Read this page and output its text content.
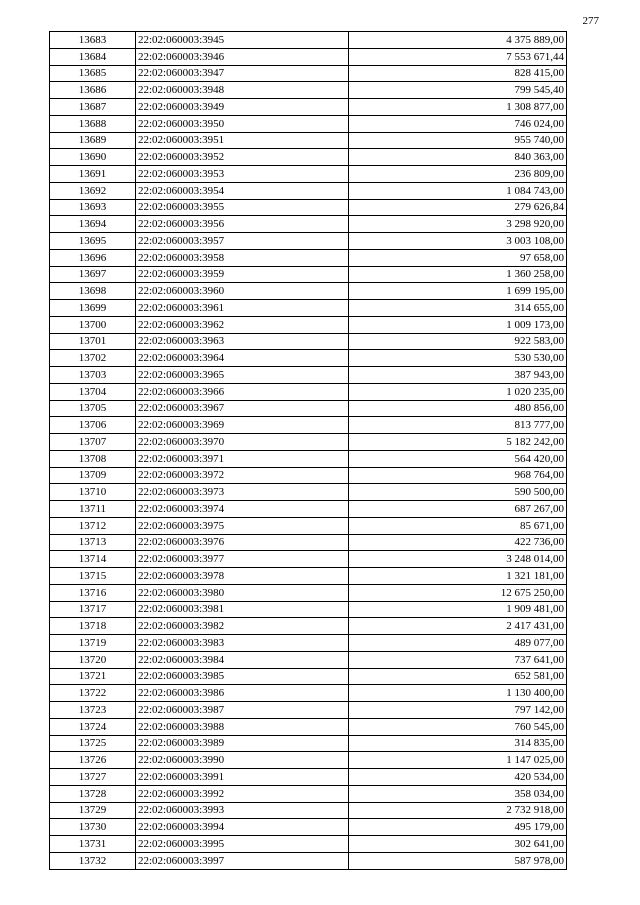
277
13683	22:02:060003:3945	4 375 889,00
13684	22:02:060003:3946	7 553 671,44
13685	22:02:060003:3947	828 415,00
13686	22:02:060003:3948	799 545,40
13687	22:02:060003:3949	1 308 877,00
13688	22:02:060003:3950	746 024,00
13689	22:02:060003:3951	955 740,00
13690	22:02:060003:3952	840 363,00
13691	22:02:060003:3953	236 809,00
13692	22:02:060003:3954	1 084 743,00
13693	22:02:060003:3955	279 626,84
13694	22:02:060003:3956	3 298 920,00
13695	22:02:060003:3957	3 003 108,00
13696	22:02:060003:3958	97 658,00
13697	22:02:060003:3959	1 360 258,00
13698	22:02:060003:3960	1 699 195,00
13699	22:02:060003:3961	314 655,00
13700	22:02:060003:3962	1 009 173,00
13701	22:02:060003:3963	922 583,00
13702	22:02:060003:3964	530 530,00
13703	22:02:060003:3965	387 943,00
13704	22:02:060003:3966	1 020 235,00
13705	22:02:060003:3967	480 856,00
13706	22:02:060003:3969	813 777,00
13707	22:02:060003:3970	5 182 242,00
13708	22:02:060003:3971	564 420,00
13709	22:02:060003:3972	968 764,00
13710	22:02:060003:3973	590 500,00
13711	22:02:060003:3974	687 267,00
13712	22:02:060003:3975	85 671,00
13713	22:02:060003:3976	422 736,00
13714	22:02:060003:3977	3 248 014,00
13715	22:02:060003:3978	1 321 181,00
13716	22:02:060003:3980	12 675 250,00
13717	22:02:060003:3981	1 909 481,00
13718	22:02:060003:3982	2 417 431,00
13719	22:02:060003:3983	489 077,00
13720	22:02:060003:3984	737 641,00
13721	22:02:060003:3985	652 581,00
13722	22:02:060003:3986	1 130 400,00
13723	22:02:060003:3987	797 142,00
13724	22:02:060003:3988	760 545,00
13725	22:02:060003:3989	314 835,00
13726	22:02:060003:3990	1 147 025,00
13727	22:02:060003:3991	420 534,00
13728	22:02:060003:3992	358 034,00
13729	22:02:060003:3993	2 732 918,00
13730	22:02:060003:3994	495 179,00
13731	22:02:060003:3995	302 641,00
13732	22:02:060003:3997	587 978,00
